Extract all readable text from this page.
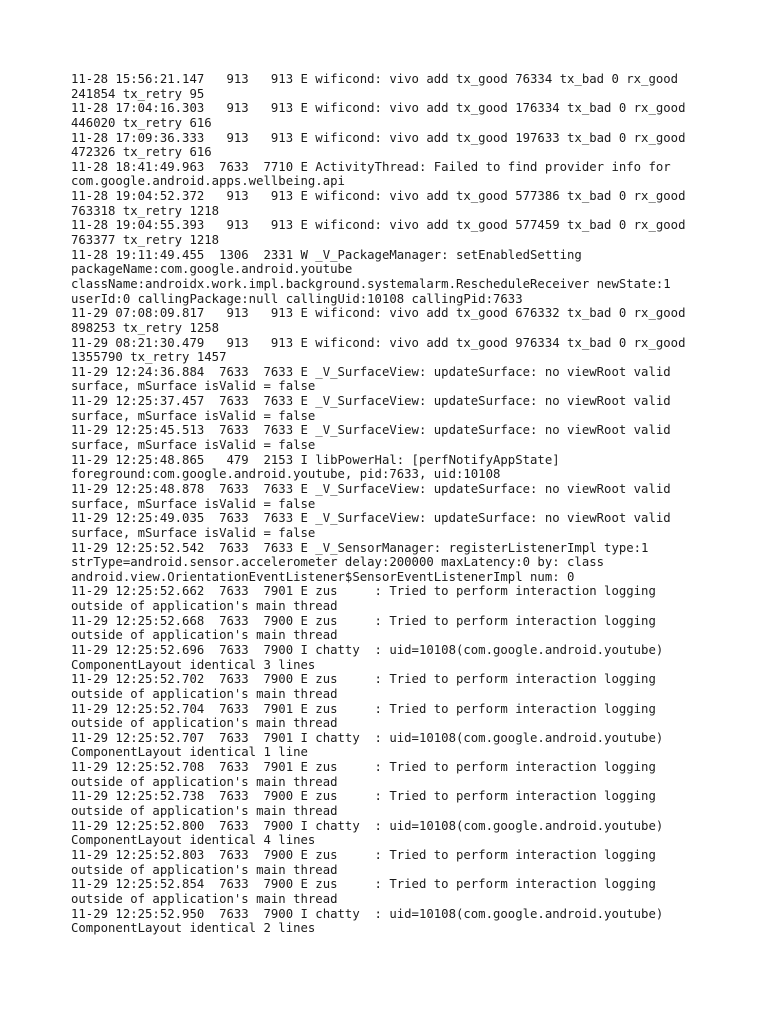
11-28 15:56:21.147   913   913 E wificond: vivo add tx_good 76334 tx_bad 0 rx_good
241854 tx_retry 95
11-28 17:04:16.303   913   913 E wificond: vivo add tx_good 176334 tx_bad 0 rx_good
446020 tx_retry 616
11-28 17:09:36.333   913   913 E wificond: vivo add tx_good 197633 tx_bad 0 rx_good
472326 tx_retry 616
11-28 18:41:49.963  7633  7710 E ActivityThread: Failed to find provider info for
com.google.android.apps.wellbeing.api
11-28 19:04:52.372   913   913 E wificond: vivo add tx_good 577386 tx_bad 0 rx_good
763318 tx_retry 1218
11-28 19:04:55.393   913   913 E wificond: vivo add tx_good 577459 tx_bad 0 rx_good
763377 tx_retry 1218
11-28 19:11:49.455  1306  2331 W _V_PackageManager: setEnabledSetting
packageName:com.google.android.youtube
className:androidx.work.impl.background.systemalarm.RescheduleReceiver newState:1
userId:0 callingPackage:null callingUid:10108 callingPid:7633
11-29 07:08:09.817   913   913 E wificond: vivo add tx_good 676332 tx_bad 0 rx_good
898253 tx_retry 1258
11-29 08:21:30.479   913   913 E wificond: vivo add tx_good 976334 tx_bad 0 rx_good
1355790 tx_retry 1457
11-29 12:24:36.884  7633  7633 E _V_SurfaceView: updateSurface: no viewRoot valid
surface, mSurface isValid = false
11-29 12:25:37.457  7633  7633 E _V_SurfaceView: updateSurface: no viewRoot valid
surface, mSurface isValid = false
11-29 12:25:45.513  7633  7633 E _V_SurfaceView: updateSurface: no viewRoot valid
surface, mSurface isValid = false
11-29 12:25:48.865   479  2153 I libPowerHal: [perfNotifyAppState]
foreground:com.google.android.youtube, pid:7633, uid:10108
11-29 12:25:48.878  7633  7633 E _V_SurfaceView: updateSurface: no viewRoot valid
surface, mSurface isValid = false
11-29 12:25:49.035  7633  7633 E _V_SurfaceView: updateSurface: no viewRoot valid
surface, mSurface isValid = false
11-29 12:25:52.542  7633  7633 E _V_SensorManager: registerListenerImpl type:1
strType=android.sensor.accelerometer delay:200000 maxLatency:0 by: class
android.view.OrientationEventListener$SensorEventListenerImpl num: 0
11-29 12:25:52.662  7633  7901 E zus     : Tried to perform interaction logging
outside of application's main thread
11-29 12:25:52.668  7633  7900 E zus     : Tried to perform interaction logging
outside of application's main thread
11-29 12:25:52.696  7633  7900 I chatty  : uid=10108(com.google.android.youtube)
ComponentLayout identical 3 lines
11-29 12:25:52.702  7633  7900 E zus     : Tried to perform interaction logging
outside of application's main thread
11-29 12:25:52.704  7633  7901 E zus     : Tried to perform interaction logging
outside of application's main thread
11-29 12:25:52.707  7633  7901 I chatty  : uid=10108(com.google.android.youtube)
ComponentLayout identical 1 line
11-29 12:25:52.708  7633  7901 E zus     : Tried to perform interaction logging
outside of application's main thread
11-29 12:25:52.738  7633  7900 E zus     : Tried to perform interaction logging
outside of application's main thread
11-29 12:25:52.800  7633  7900 I chatty  : uid=10108(com.google.android.youtube)
ComponentLayout identical 4 lines
11-29 12:25:52.803  7633  7900 E zus     : Tried to perform interaction logging
outside of application's main thread
11-29 12:25:52.854  7633  7900 E zus     : Tried to perform interaction logging
outside of application's main thread
11-29 12:25:52.950  7633  7900 I chatty  : uid=10108(com.google.android.youtube)
ComponentLayout identical 2 lines
